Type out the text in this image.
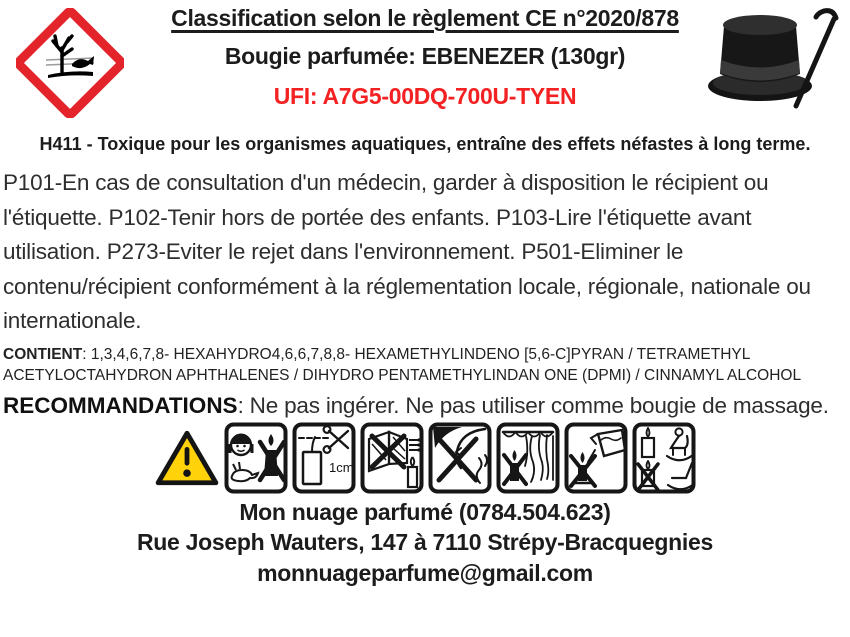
Classification selon le règlement CE n°2020/878
Bougie parfumée: EBENEZER (130gr)
UFI: A7G5-00DQ-700U-TYEN
H411 - Toxique pour les organismes aquatiques, entraîne des effets néfastes à long terme.
P101-En cas de consultation d'un médecin, garder à disposition le récipient ou l'étiquette. P102-Tenir hors de portée des enfants. P103-Lire l'étiquette avant utilisation. P273-Eviter le rejet dans l'environnement. P501-Eliminer le contenu/récipient conformément à la réglementation locale, régionale, nationale ou internationale.
CONTIENT: 1,3,4,6,7,8- HEXAHYDRO4,6,6,7,8,8- HEXAMETHYLINDENO [5,6-C]PYRAN / TETRAMETHYL ACETYLOCTAHYDRON APHTHALENES / DIHYDRO PENTAMETHYLINDAN ONE (DPMI) / CINNAMYL ALCOHOL
RECOMMANDATIONS: Ne pas ingérer. Ne pas utiliser comme bougie de massage.
1cm
Mon nuage parfumé (0784.504.623)
Rue Joseph Wauters, 147 à 7110 Strépy-Bracquegnies
monnuageparfume@gmail.com
